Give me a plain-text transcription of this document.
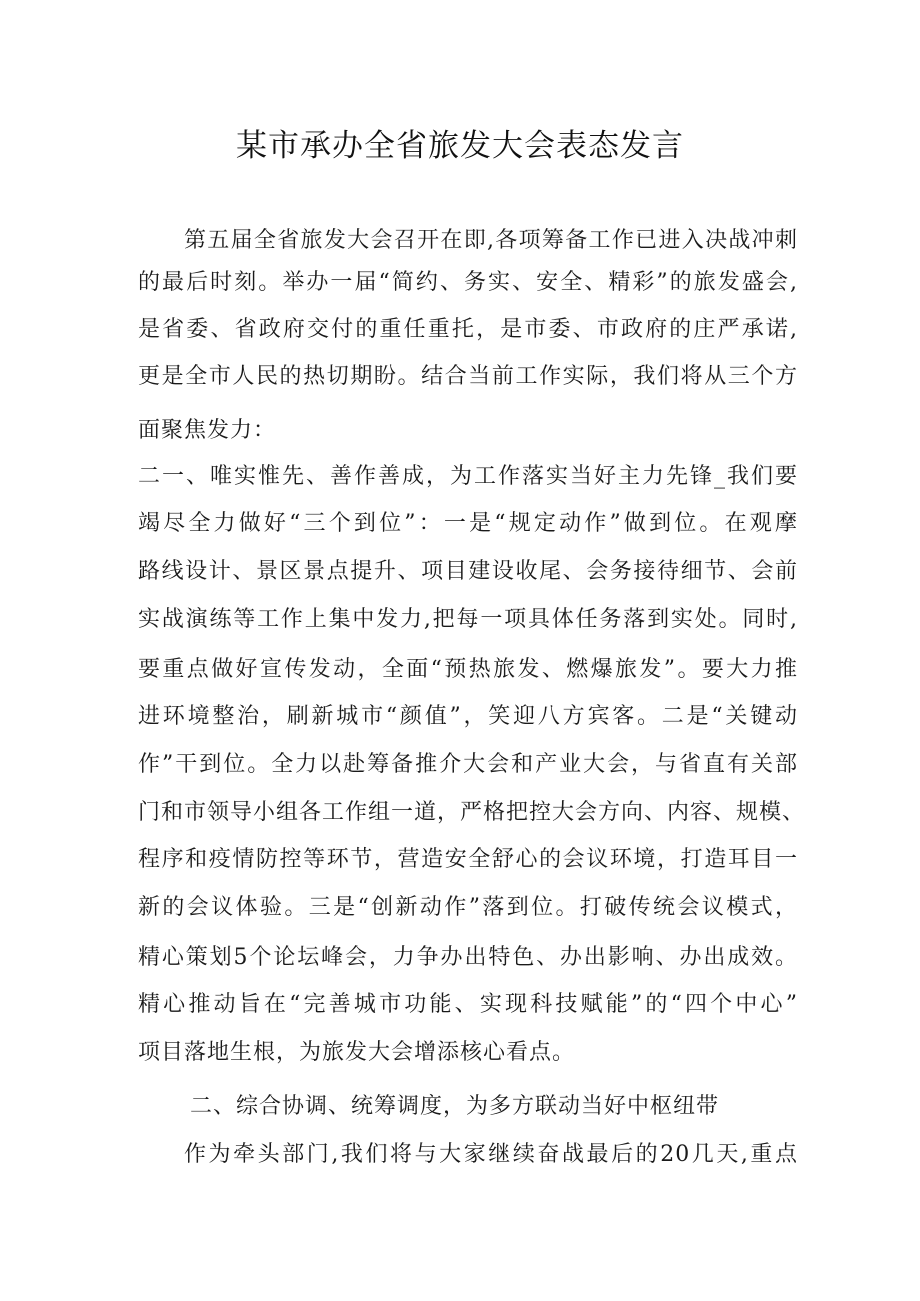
某市承办全省旅发大会表态发言
第五届全省旅发大会召开在即,各项筹备工作已进入决战冲刺
的最后时刻。举办一届“简约、务实、安全、精彩”的旅发盛会,
是省委、省政府交付的重任重托，是市委、市政府的庄严承诺,
更是全市人民的热切期盼。结合当前工作实际，我们将从三个方
面聚焦发力：
二一、唯实惟先、善作善成，为工作落实当好主力先锋_我们要
竭尽全力做好“三个到位”：一是“规定动作”做到位。在观摩
路线设计、景区景点提升、项目建设收尾、会务接待细节、会前
实战演练等工作上集中发力,把每一项具体任务落到实处。同时,
要重点做好宣传发动，全面“预热旅发、燃爆旅发”。要大力推
进环境整治，刷新城市“颜值”，笑迎八方宾客。二是“关键动
作”干到位。全力以赴筹备推介大会和产业大会，与省直有关部
门和市领导小组各工作组一道，严格把控大会方向、内容、规模、
程序和疫情防控等环节，营造安全舒心的会议环境，打造耳目一
新的会议体验。三是“创新动作”落到位。打破传统会议模式，
精心策划5个论坛峰会，力争办出特色、办出影响、办出成效。
精心推动旨在“完善城市功能、实现科技赋能”的“四个中心”
项目落地生根，为旅发大会增添核心看点。
二、综合协调、统筹调度，为多方联动当好中枢纽带
作为牵头部门,我们将与大家继续奋战最后的20几天,重点
